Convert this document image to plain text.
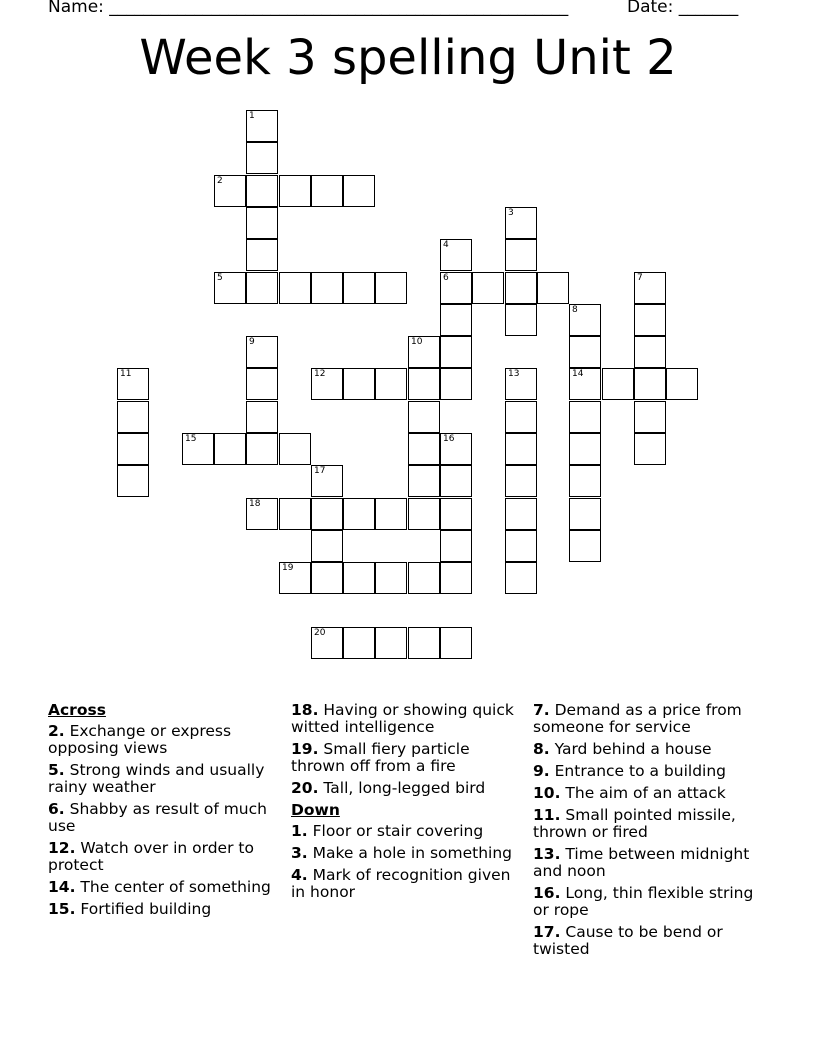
Name: ______________________________________________________	Date: _______
Week 3 spelling Unit 2
1
2
3
4
6
5	7
8
14
9	10
11	12	13
15	16
17
18
19
20
Across
2. Exchange or express opposing views
5. Strong winds and usually rainy weather
6. Shabby as result of much use
12. Watch over in order to protect
14. The center of something
15. Fortified building
18. Having or showing quick witted intelligence
19. Small fiery particle thrown off from a fire
20. Tall, long-legged bird
Down
1. Floor or stair covering
3. Make a hole in something
4. Mark of recognition given in honor
7. Demand as a price from someone for service
8. Yard behind a house
9. Entrance to a building
10. The aim of an attack
11. Small pointed missile, thrown or fired
13. Time between midnight and noon
16. Long, thin flexible string or rope
17. Cause to be bend or twisted
